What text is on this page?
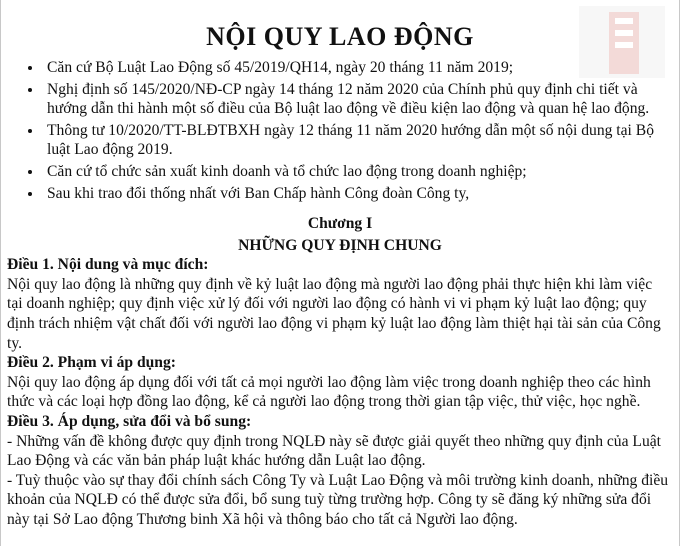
NỘI QUY LAO ĐỘNG
• Căn cứ Bộ Luật Lao Động số 45/2019/QH14, ngày 20 tháng 11 năm 2019;
• Nghị định số 145/2020/NĐ-CP ngày 14 tháng 12 năm 2020 của Chính phủ quy định chi tiết và hướng dẫn thi hành một số điều của Bộ luật lao động về điều kiện lao động và quan hệ lao động.
• Thông tư 10/2020/TT-BLĐTBXH ngày 12 tháng 11 năm 2020 hướng dẫn một số nội dung tại Bộ luật Lao động 2019.
• Căn cứ tổ chức sản xuất kinh doanh và tổ chức lao động trong doanh nghiệp;
• Sau khi trao đổi thống nhất với Ban Chấp hành Công đoàn Công ty,
Chương I
NHỮNG QUY ĐỊNH CHUNG
Điều 1. Nội dung và mục đích:

Nội quy lao động là những quy định về kỷ luật lao động mà người lao động phải thực hiện khi làm việc tại doanh nghiệp; quy định việc xử lý đối với người lao động có hành vi vi phạm kỷ luật lao động; quy định trách nhiệm vật chất đối với người lao động vi phạm kỷ luật lao động làm thiệt hại tài sản của Công ty.

Điều 2. Phạm vi áp dụng:

Nội quy lao động áp dụng đối với tất cả mọi người lao động làm việc trong doanh nghiệp theo các hình thức và các loại hợp đồng lao động, kể cả người lao động trong thời gian tập việc, thử việc, học nghề.

Điều 3. Áp dụng, sửa đổi và bổ sung:

- Những vấn đề không được quy định trong NQLĐ này sẽ được giải quyết theo những quy định của Luật Lao Động và các văn bản pháp luật khác hướng dẫn Luật lao động.

- Tuỳ thuộc vào sự thay đổi chính sách Công Ty và Luật Lao Động và môi trường kinh doanh, những điều khoản của NQLĐ có thể được sửa đổi, bổ sung tuỳ từng trường hợp. Công ty sẽ đăng ký những sửa đổi này tại Sở Lao động Thương binh Xã hội và thông báo cho tất cả Người lao động.
